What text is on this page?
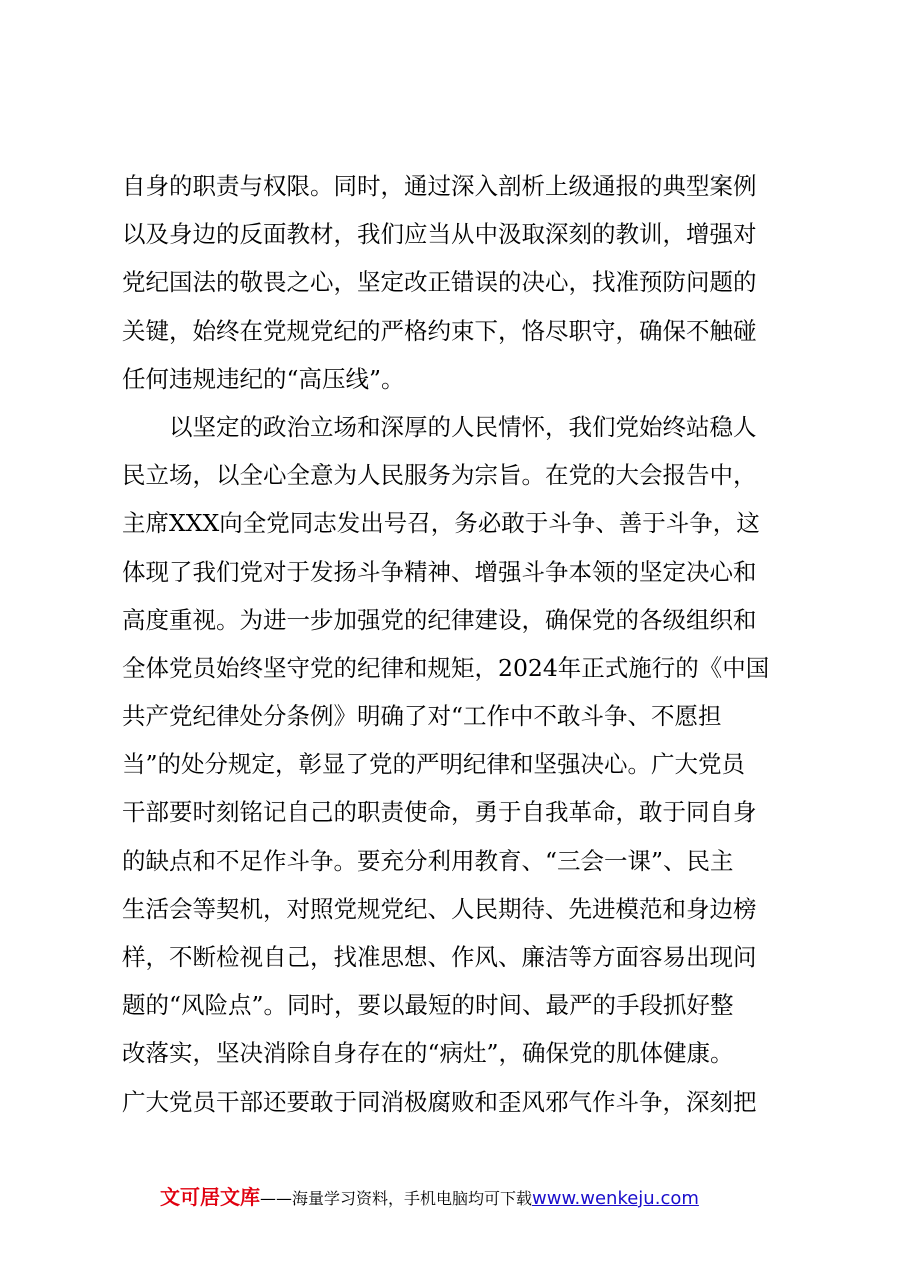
自身的职责与权限。同时，通过深入剖析上级通报的典型案例
以及身边的反面教材，我们应当从中汲取深刻的教训，增强对
党纪国法的敬畏之心，坚定改正错误的决心，找准预防问题的
关键，始终在党规党纪的严格约束下，恪尽职守，确保不触碰
任何违规违纪的“高压线”。
以坚定的政治立场和深厚的人民情怀，我们党始终站稳人
民立场，以全心全意为人民服务为宗旨。在党的大会报告中，
主席XXX向全党同志发出号召，务必敢于斗争、善于斗争，这
体现了我们党对于发扬斗争精神、增强斗争本领的坚定决心和
高度重视。为进一步加强党的纪律建设，确保党的各级组织和
全体党员始终坚守党的纪律和规矩，2024年正式施行的《中国
共产党纪律处分条例》明确了对“工作中不敢斗争、不愿担
当”的处分规定，彰显了党的严明纪律和坚强决心。广大党员
干部要时刻铭记自己的职责使命，勇于自我革命，敢于同自身
的缺点和不足作斗争。要充分利用教育、“三会一课”、民主
生活会等契机，对照党规党纪、人民期待、先进模范和身边榜
样，不断检视自己，找准思想、作风、廉洁等方面容易出现问
题的“风险点”。同时，要以最短的时间、最严的手段抓好整
改落实，坚决消除自身存在的“病灶”，确保党的肌体健康。
广大党员干部还要敢于同消极腐败和歪风邪气作斗争，深刻把
文可居文库——海量学习资料，手机电脑均可下载www.wenkeju.com
